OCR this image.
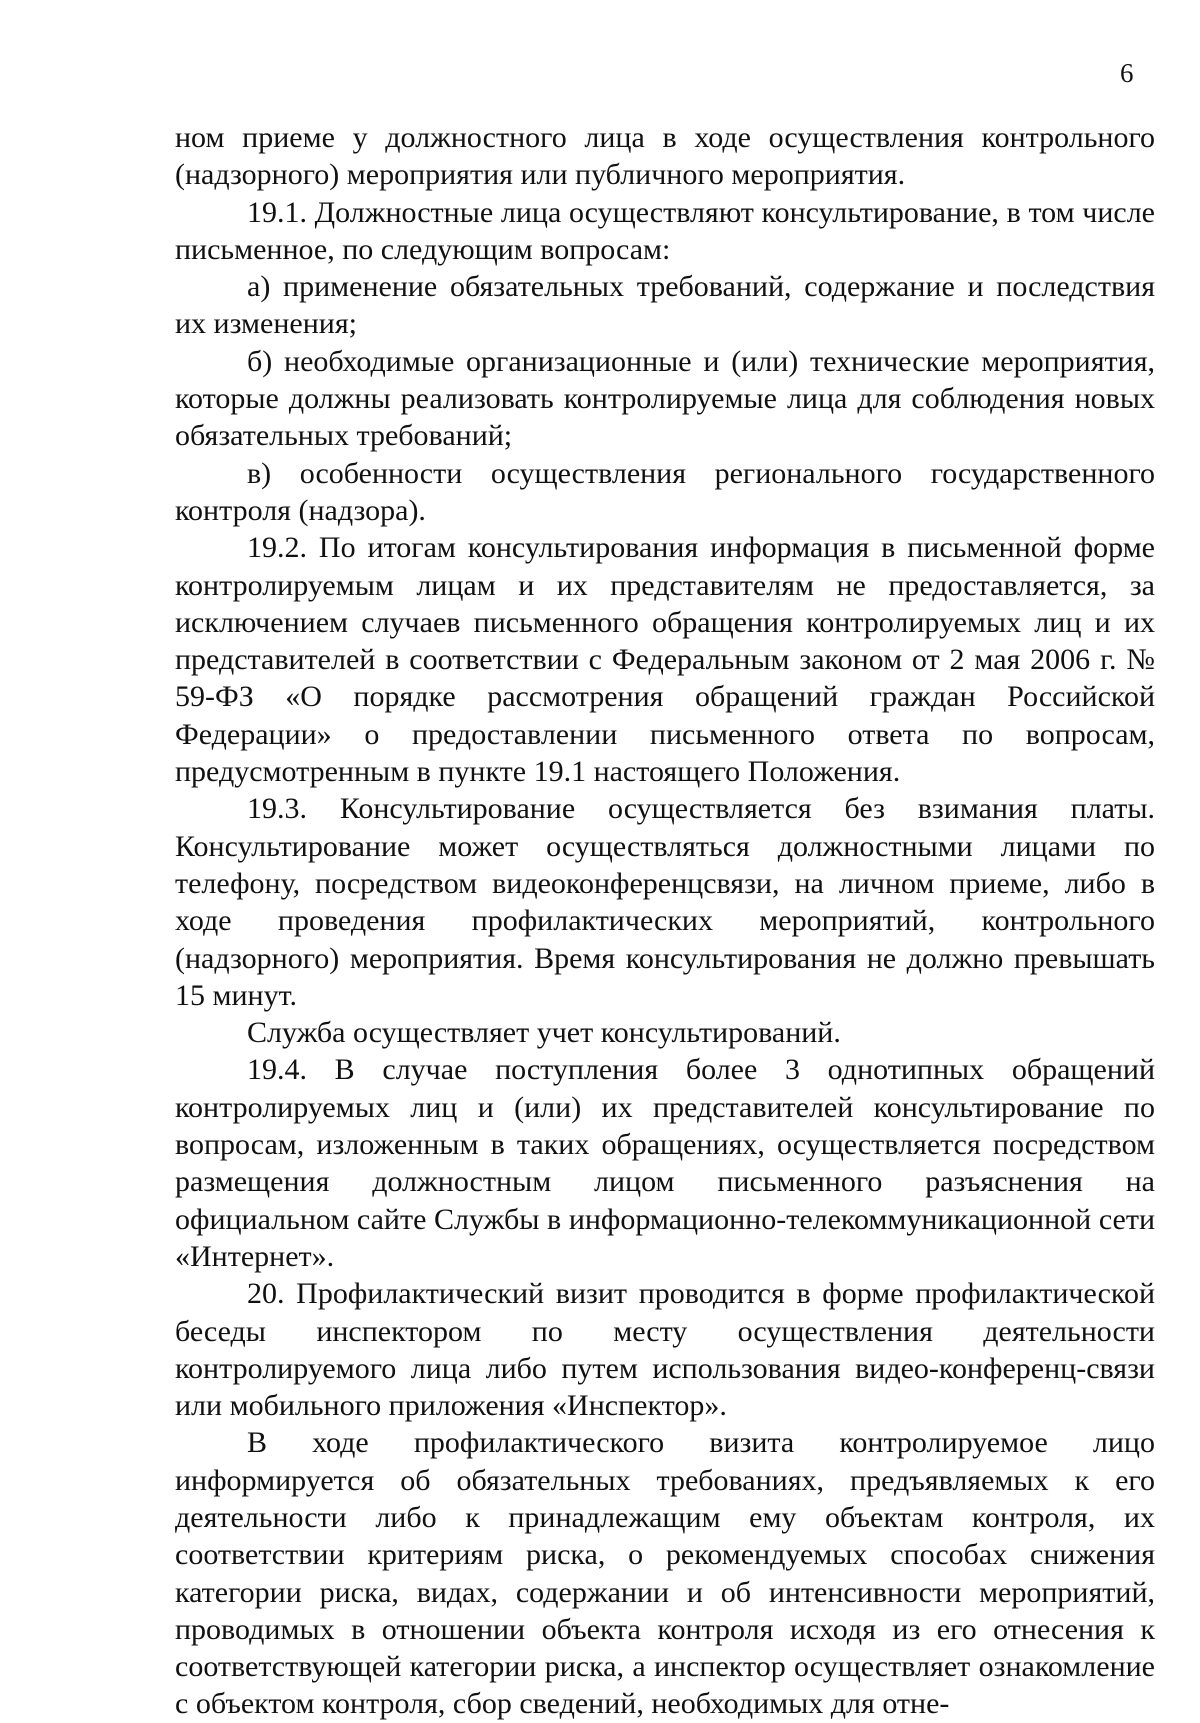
6

ном приеме у должностного лица в ходе осуществления контрольного (надзорного) мероприятия или публичного мероприятия.

19.1. Должностные лица осуществляют консультирование, в том числе письменное, по следующим вопросам:

а) применение обязательных требований, содержание и последствия их изменения;

б) необходимые организационные и (или) технические мероприятия, которые должны реализовать контролируемые лица для соблюдения новых обязательных требований;

в) особенности осуществления регионального государственного контроля (надзора).

19.2. По итогам консультирования информация в письменной форме контролируемым лицам и их представителям не предоставляется, за исключением случаев письменного обращения контролируемых лиц и их представителей в соответствии с Федеральным законом от 2 мая 2006 г. № 59-ФЗ «О порядке рассмотрения обращений граждан Российской Федерации» о предоставлении письменного ответа по вопросам, предусмотренным в пункте 19.1 настоящего Положения.

19.3. Консультирование осуществляется без взимания платы. Консультирование может осуществляться должностными лицами по телефону, посредством видеоконференцсвязи, на личном приеме, либо в ходе проведения профилактических мероприятий, контрольного (надзорного) мероприятия. Время консультирования не должно превышать 15 минут.

Служба осуществляет учет консультирований.

19.4. В случае поступления более 3 однотипных обращений контролируемых лиц и (или) их представителей консультирование по вопросам, изложенным в таких обращениях, осуществляется посредством размещения должностным лицом письменного разъяснения на официальном сайте Службы в информационно-телекоммуникационной сети «Интернет».

20. Профилактический визит проводится в форме профилактической беседы инспектором по месту осуществления деятельности контролируемого лица либо путем использования видео-конференц-связи или мобильного приложения «Инспектор».

В ходе профилактического визита контролируемое лицо информируется об обязательных требованиях, предъявляемых к его деятельности либо к принадлежащим ему объектам контроля, их соответствии критериям риска, о рекомендуемых способах снижения категории риска, видах, содержании и об интенсивности мероприятий, проводимых в отношении объекта контроля исходя из его отнесения к соответствующей категории риска, а инспектор осуществляет ознакомление с объектом контроля, сбор сведений, необходимых для отне-
